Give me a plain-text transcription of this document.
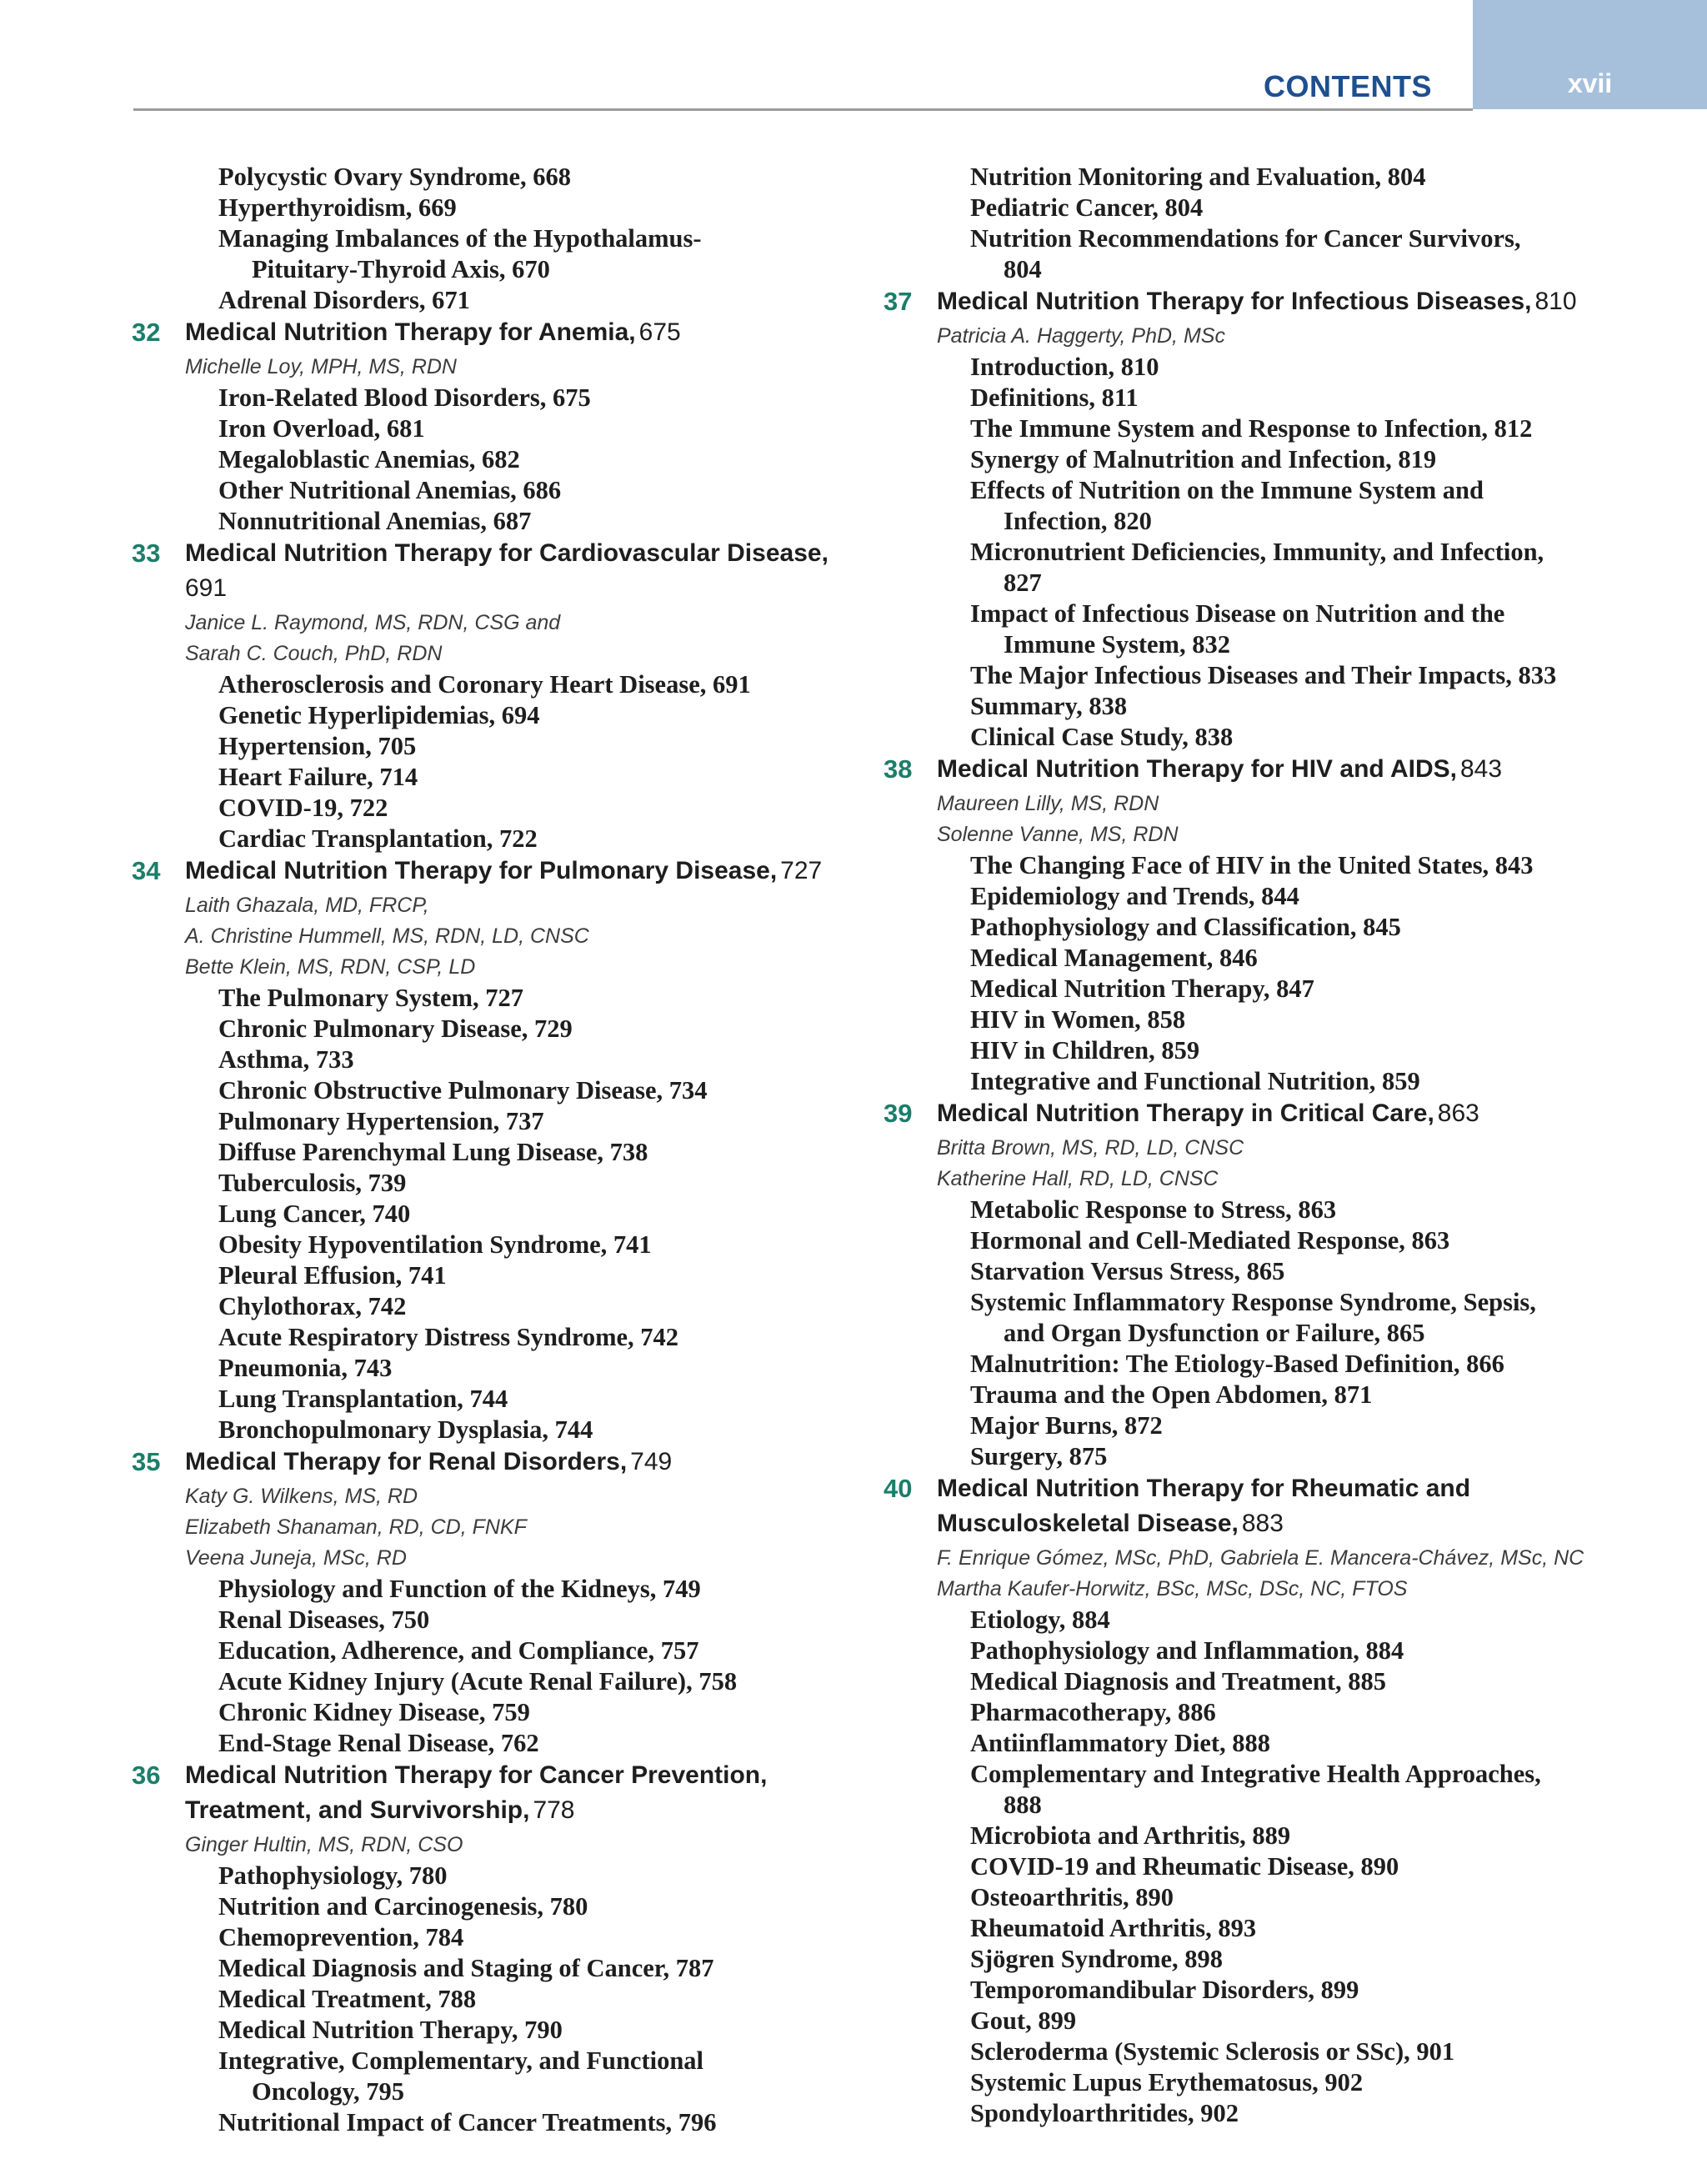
xvii
CONTENTS
Polycystic Ovary Syndrome, 668
Hyperthyroidism, 669
Managing Imbalances of the Hypothalamus-
Pituitary-Thyroid Axis, 670
Adrenal Disorders, 671
32 Medical Nutrition Therapy for Anemia, 675
Michelle Loy, MPH, MS, RDN
Iron-Related Blood Disorders, 675
Iron Overload, 681
Megaloblastic Anemias, 682
Other Nutritional Anemias, 686
Nonnutritional Anemias, 687
33 Medical Nutrition Therapy for Cardiovascular Disease, 691
Janice L. Raymond, MS, RDN, CSG and
Sarah C. Couch, PhD, RDN
Atherosclerosis and Coronary Heart Disease, 691
Genetic Hyperlipidemias, 694
Hypertension, 705
Heart Failure, 714
COVID-19, 722
Cardiac Transplantation, 722
34 Medical Nutrition Therapy for Pulmonary Disease, 727
Laith Ghazala, MD, FRCP,
A. Christine Hummell, MS, RDN, LD, CNSC
Bette Klein, MS, RDN, CSP, LD
The Pulmonary System, 727
Chronic Pulmonary Disease, 729
Asthma, 733
Chronic Obstructive Pulmonary Disease, 734
Pulmonary Hypertension, 737
Diffuse Parenchymal Lung Disease, 738
Tuberculosis, 739
Lung Cancer, 740
Obesity Hypoventilation Syndrome, 741
Pleural Effusion, 741
Chylothorax, 742
Acute Respiratory Distress Syndrome, 742
Pneumonia, 743
Lung Transplantation, 744
Bronchopulmonary Dysplasia, 744
35 Medical Therapy for Renal Disorders, 749
Katy G. Wilkens, MS, RD
Elizabeth Shanaman, RD, CD, FNKF
Veena Juneja, MSc, RD
Physiology and Function of the Kidneys, 749
Renal Diseases, 750
Education, Adherence, and Compliance, 757
Acute Kidney Injury (Acute Renal Failure), 758
Chronic Kidney Disease, 759
End-Stage Renal Disease, 762
36 Medical Nutrition Therapy for Cancer Prevention, Treatment, and Survivorship, 778
Ginger Hultin, MS, RDN, CSO
Pathophysiology, 780
Nutrition and Carcinogenesis, 780
Chemoprevention, 784
Medical Diagnosis and Staging of Cancer, 787
Medical Treatment, 788
Medical Nutrition Therapy, 790
Integrative, Complementary, and Functional
Oncology, 795
Nutritional Impact of Cancer Treatments, 796
Nutrition Monitoring and Evaluation, 804
Pediatric Cancer, 804
Nutrition Recommendations for Cancer Survivors,
804
37 Medical Nutrition Therapy for Infectious Diseases, 810
Patricia A. Haggerty, PhD, MSc
Introduction, 810
Definitions, 811
The Immune System and Response to Infection, 812
Synergy of Malnutrition and Infection, 819
Effects of Nutrition on the Immune System and
Infection, 820
Micronutrient Deficiencies, Immunity, and Infection,
827
Impact of Infectious Disease on Nutrition and the
Immune System, 832
The Major Infectious Diseases and Their Impacts, 833
Summary, 838
Clinical Case Study, 838
38 Medical Nutrition Therapy for HIV and AIDS, 843
Maureen Lilly, MS, RDN
Solenne Vanne, MS, RDN
The Changing Face of HIV in the United States, 843
Epidemiology and Trends, 844
Pathophysiology and Classification, 845
Medical Management, 846
Medical Nutrition Therapy, 847
HIV in Women, 858
HIV in Children, 859
Integrative and Functional Nutrition, 859
39 Medical Nutrition Therapy in Critical Care, 863
Britta Brown, MS, RD, LD, CNSC
Katherine Hall, RD, LD, CNSC
Metabolic Response to Stress, 863
Hormonal and Cell-Mediated Response, 863
Starvation Versus Stress, 865
Systemic Inflammatory Response Syndrome, Sepsis,
and Organ Dysfunction or Failure, 865
Malnutrition: The Etiology-Based Definition, 866
Trauma and the Open Abdomen, 871
Major Burns, 872
Surgery, 875
40 Medical Nutrition Therapy for Rheumatic and Musculoskeletal Disease, 883
F. Enrique Gómez, MSc, PhD, Gabriela E. Mancera-Chávez, MSc, NC
Martha Kaufer-Horwitz, BSc, MSc, DSc, NC, FTOS
Etiology, 884
Pathophysiology and Inflammation, 884
Medical Diagnosis and Treatment, 885
Pharmacotherapy, 886
Antiinflammatory Diet, 888
Complementary and Integrative Health Approaches,
888
Microbiota and Arthritis, 889
COVID-19 and Rheumatic Disease, 890
Osteoarthritis, 890
Rheumatoid Arthritis, 893
Sjögren Syndrome, 898
Temporomandibular Disorders, 899
Gout, 899
Scleroderma (Systemic Sclerosis or SSc), 901
Systemic Lupus Erythematosus, 902
Spondyloarthritides, 902
